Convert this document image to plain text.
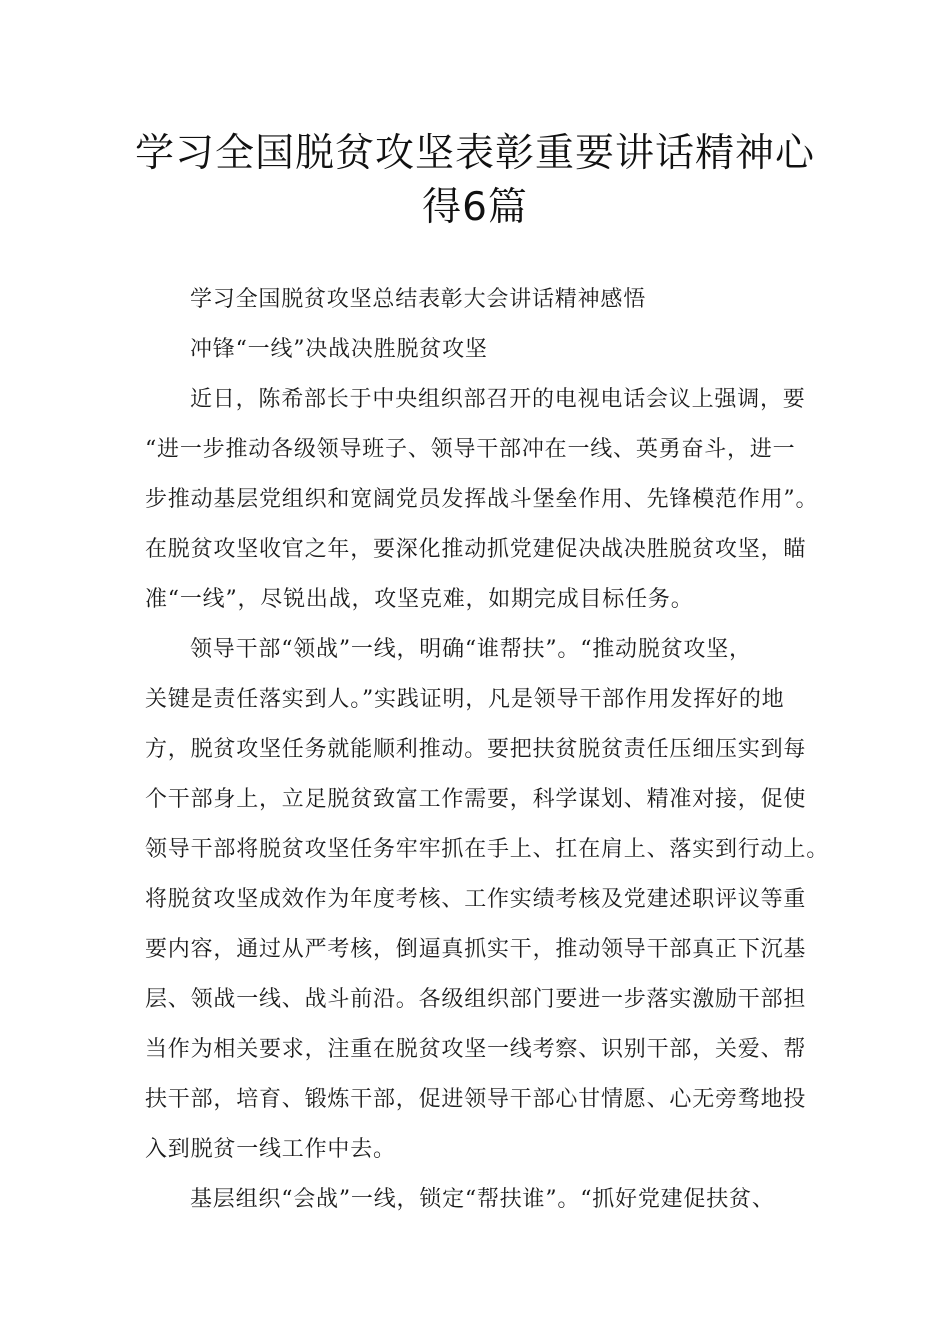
学习全国脱贫攻坚表彰重要讲话精神心
得6篇
学习全国脱贫攻坚总结表彰大会讲话精神感悟
冲锋“一线”决战决胜脱贫攻坚
近日，陈希部长于中央组织部召开的电视电话会议上强调，要
“进一步推动各级领导班子、领导干部冲在一线、英勇奋斗，进一
步推动基层党组织和宽阔党员发挥战斗堡垒作用、先锋模范作用”。
在脱贫攻坚收官之年，要深化推动抓党建促决战决胜脱贫攻坚，瞄
准“一线”，尽锐出战，攻坚克难，如期完成目标任务。
领导干部“领战”一线，明确“谁帮扶”。“推动脱贫攻坚，
关键是责任落实到人。”实践证明，凡是领导干部作用发挥好的地
方，脱贫攻坚任务就能顺利推动。要把扶贫脱贫责任压细压实到每
个干部身上，立足脱贫致富工作需要，科学谋划、精准对接，促使
领导干部将脱贫攻坚任务牢牢抓在手上、扛在肩上、落实到行动上。
将脱贫攻坚成效作为年度考核、工作实绩考核及党建述职评议等重
要内容，通过从严考核，倒逼真抓实干，推动领导干部真正下沉基
层、领战一线、战斗前沿。各级组织部门要进一步落实激励干部担
当作为相关要求，注重在脱贫攻坚一线考察、识别干部，关爱、帮
扶干部，培育、锻炼干部，促进领导干部心甘情愿、心无旁骛地投
入到脱贫一线工作中去。
基层组织“会战”一线，锁定“帮扶谁”。“抓好党建促扶贫、
